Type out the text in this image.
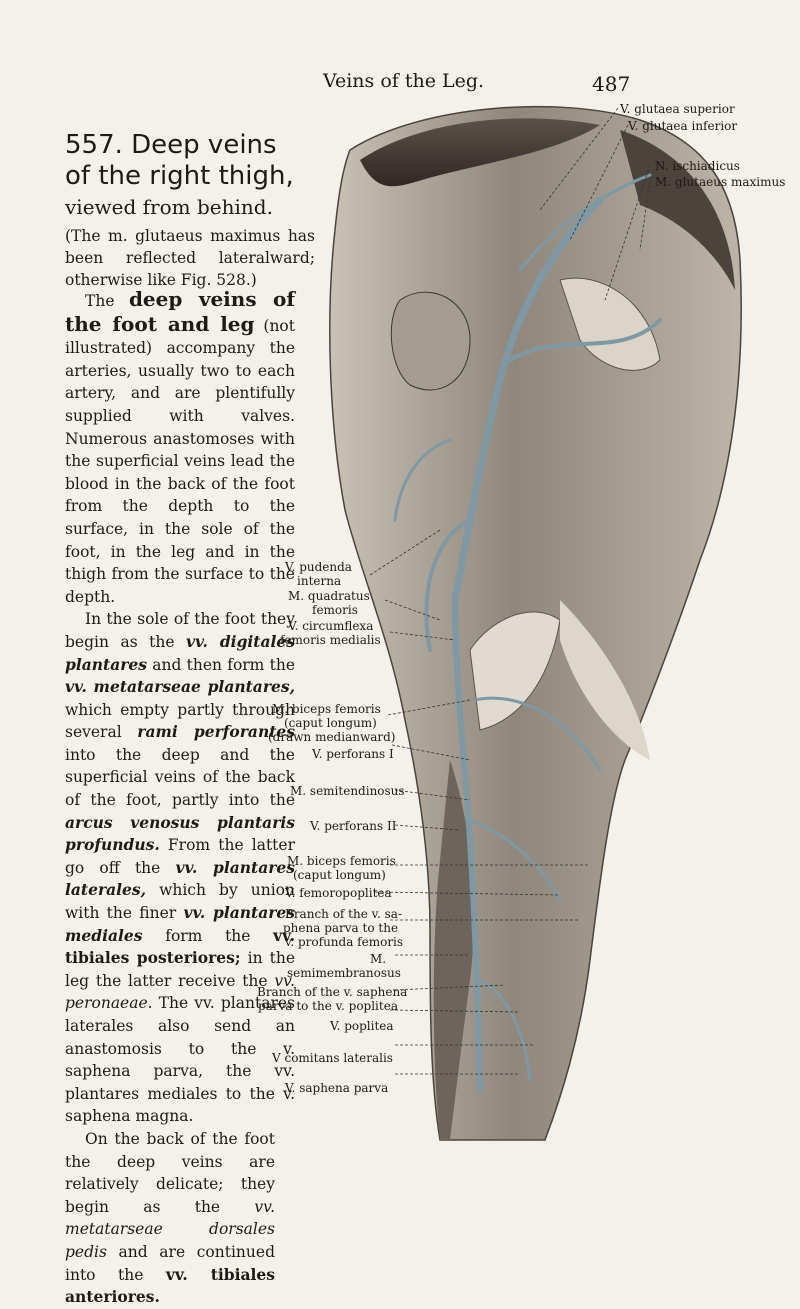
Veins of the Leg.	487
557. Deep veins of the right thigh,
viewed from behind.
(The m. glutaeus maximus has been reflected lateralward; otherwise like Fig. 528.)

The deep veins of the foot and leg (not illustrated) accompany the arteries, usually two to each artery, and are plentifully supplied with valves. Numerous anastomoses with the superficial veins lead the blood in the back of the foot from the depth to the surface, in the sole of the foot, in the leg and in the thigh from the surface to the depth.

In the sole of the foot they begin as the vv. digitales plantares and then form the vv. metatarseae plantares, which empty partly through several rami perforantes into the deep and the superficial veins of the back of the foot, partly into the arcus venosus plantaris profundus. From the latter go off the vv. plantares laterales, which by union with the finer vv. plantares mediales form the vv. tibiales posteriores; in the leg the latter receive the vv. peronaeae. The vv. plantares laterales also send an anastomosis to the v. saphena parva, the vv. plantares mediales to the v. saphena magna.

On the back of the foot the deep veins are relatively delicate; they begin as the vv. metatarseae dorsales pedis and are continued into the vv. tibiales anteriores.

V. glutaea superior
V. glutaea inferior
N. ischiadicus
M. glutaeus maximus
V. pudenda
interna
M. quadratus
femoris
V. circumflexa
femoris medialis
M. biceps femoris
(caput longum)
(drawn medianward)
V. perforans I
M. semitendinosus
V. perforans II
M. biceps femoris
(caput longum)
V. femoropoplitea
Branch of the v. sa-
phena parva to the
v. profunda femoris
M.
semimembranosus
Branch of the v. saphena
parva to the v. poplitea
V. poplitea
V comitans lateralis
V. saphena parva
